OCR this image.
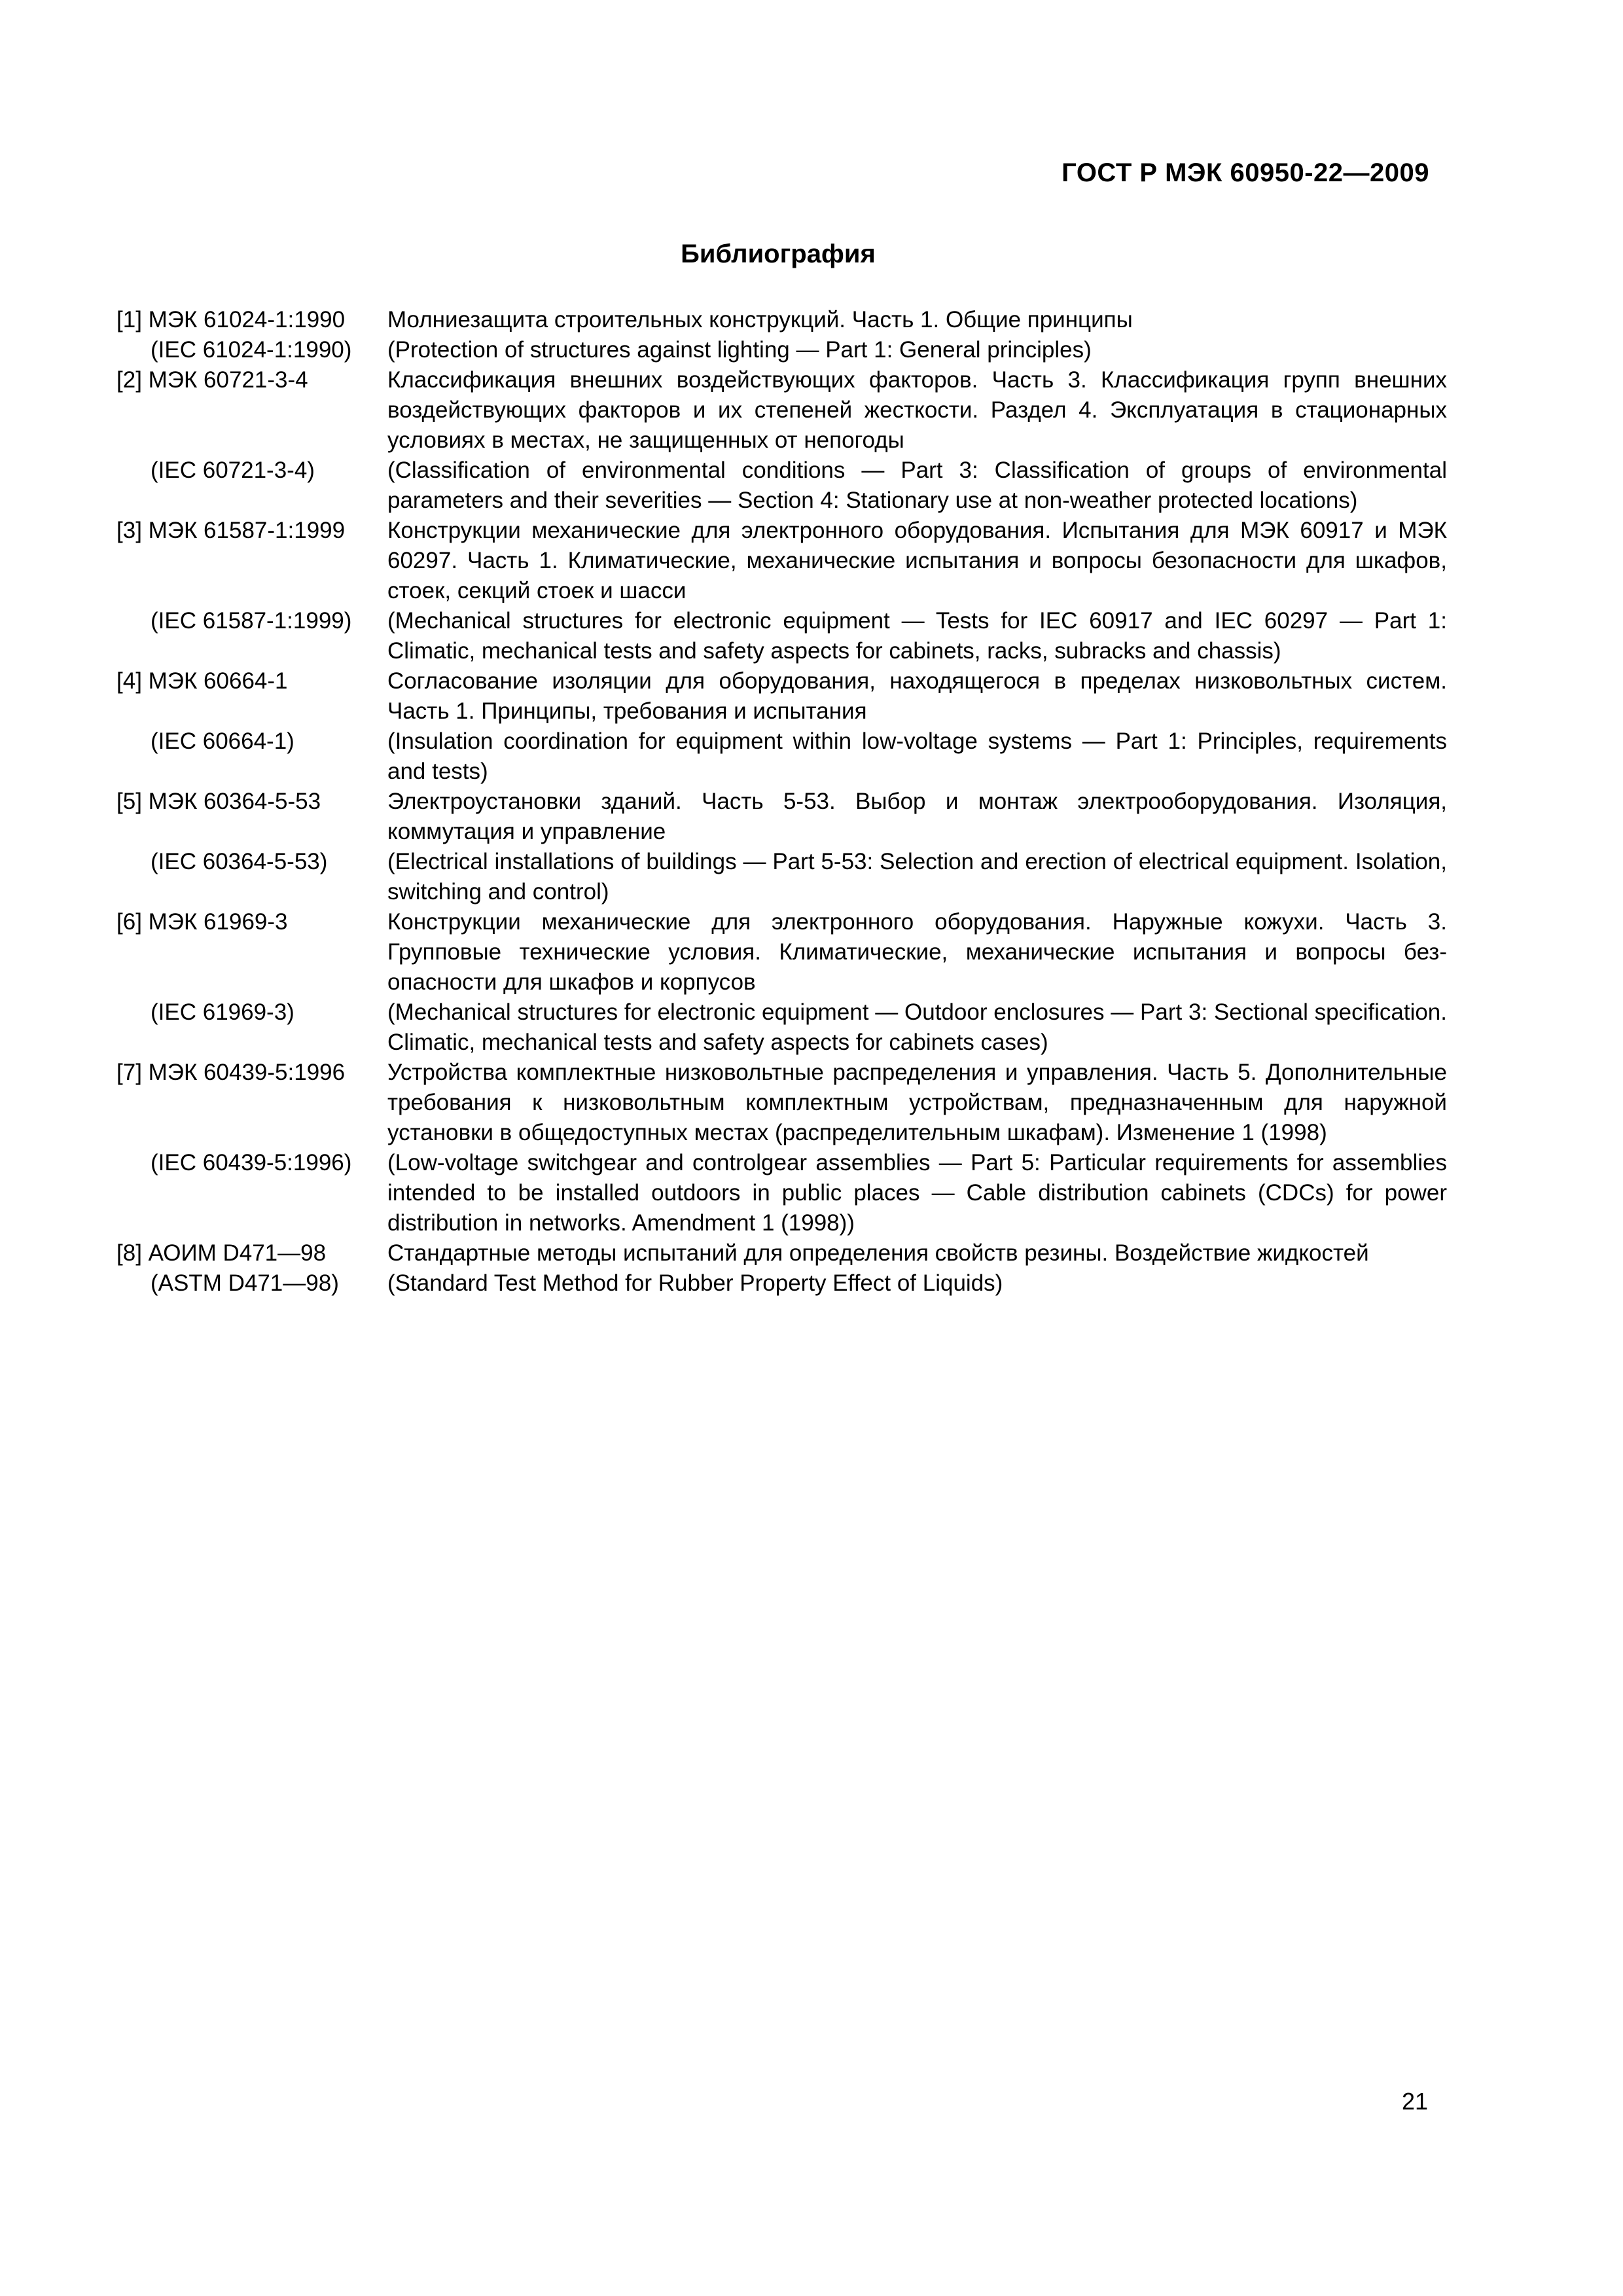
ГОСТ Р МЭК 60950-22—2009
Библиография
[1] МЭК 61024-1:1990	Молниезащита строительных конструкций. Часть 1. Общие принципы
(IEC 61024-1:1990)	(Protection of structures against lighting — Part 1: General principles)
[2] МЭК 60721-3-4	Классификация внешних воздействующих факторов. Часть 3. Классификация групп внешних воздействующих факторов и их степеней жесткости. Раздел 4. Эксплуатация в стационарных условиях в местах, не защищенных от непогоды
(IEC 60721-3-4)	(Classification of environmental conditions — Part 3: Classification of groups of environmental parameters and their severities — Section 4: Stationary use at non-weather protected locations)
[3] МЭК 61587-1:1999	Конструкции механические для электронного оборудования. Испытания для МЭК 60917 и МЭК 60297. Часть 1. Климатические, механические испытания и вопросы безопасности для шкафов, стоек, секций стоек и шасси
(IEC 61587-1:1999)	(Mechanical structures for electronic equipment — Tests for IEC 60917 and IEC 60297 — Part 1: Climatic, mechanical tests and safety aspects for cabinets, racks, subracks and chassis)
[4] МЭК 60664-1	Согласование изоляции для оборудования, находящегося в пределах низковольтных систем. Часть 1. Принципы, требования и испытания
(IEC 60664-1)	(Insulation coordination for equipment within low-voltage systems — Part 1: Principles, requirements and tests)
[5] МЭК 60364-5-53	Электроустановки зданий. Часть 5-53. Выбор и монтаж электрооборудования. Изоляция, коммутация и управление
(IEC 60364-5-53)	(Electrical installations of buildings — Part 5-53: Selection and erection of electrical equipment. Isolation, switching and control)
[6] МЭК 61969-3	Конструкции механические для электронного оборудования. Наружные кожухи. Часть 3. Групповые технические условия. Климатические, механические испытания и вопросы безопасности для шкафов и корпусов
(IEC 61969-3)	(Mechanical structures for electronic equipment — Outdoor enclosures — Part 3: Sectional specification. Climatic, mechanical tests and safety aspects for cabinets cases)
[7] МЭК 60439-5:1996	Устройства комплектные низковольтные распределения и управления. Часть 5. Дополнительные требования к низковольтным комплектным устройствам, предназначенным для наружной установки в общедоступных местах (распределительным шкафам). Изменение 1 (1998)
(IEC 60439-5:1996)	(Low-voltage switchgear and controlgear assemblies — Part 5: Particular requirements for assemblies intended to be installed outdoors in public places — Cable distribution cabinets (CDCs) for power distribution in networks. Amendment 1 (1998))
[8] АОИМ D471—98	Стандартные методы испытаний для определения свойств резины. Воздействие жидкостей
(ASTM D471—98)	(Standard Test Method for Rubber Property Effect of Liquids)
21
